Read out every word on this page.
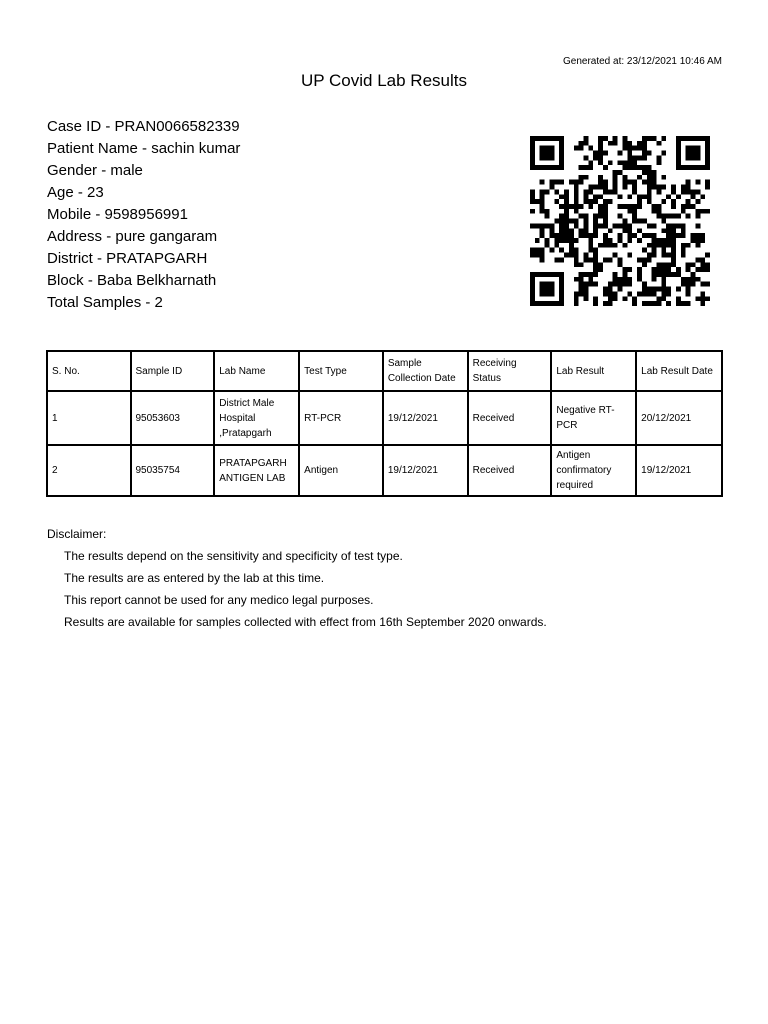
Generated at: 23/12/2021 10:46 AM
UP Covid Lab Results
Case ID - PRAN0066582339
Patient Name - sachin kumar
Gender - male
Age - 23
Mobile - 9598956991
Address - pure gangaram
District - PRATAPGARH
Block - Baba Belkharnath
Total Samples - 2
S. No.	Sample ID	Lab Name	Test Type	Sample Collection Date	Receiving Status	Lab Result	Lab Result Date
1	95053603	District Male Hospital ,Pratapgarh	RT-PCR	19/12/2021	Received	Negative RT-PCR	20/12/2021
2	95035754	PRATAPGARH ANTIGEN LAB	Antigen	19/12/2021	Received	Antigen confirmatory required	19/12/2021
Disclaimer:
The results depend on the sensitivity and specificity of test type.
The results are as entered by the lab at this time.
This report cannot be used for any medico legal purposes.
Results are available for samples collected with effect from 16th September 2020 onwards.
